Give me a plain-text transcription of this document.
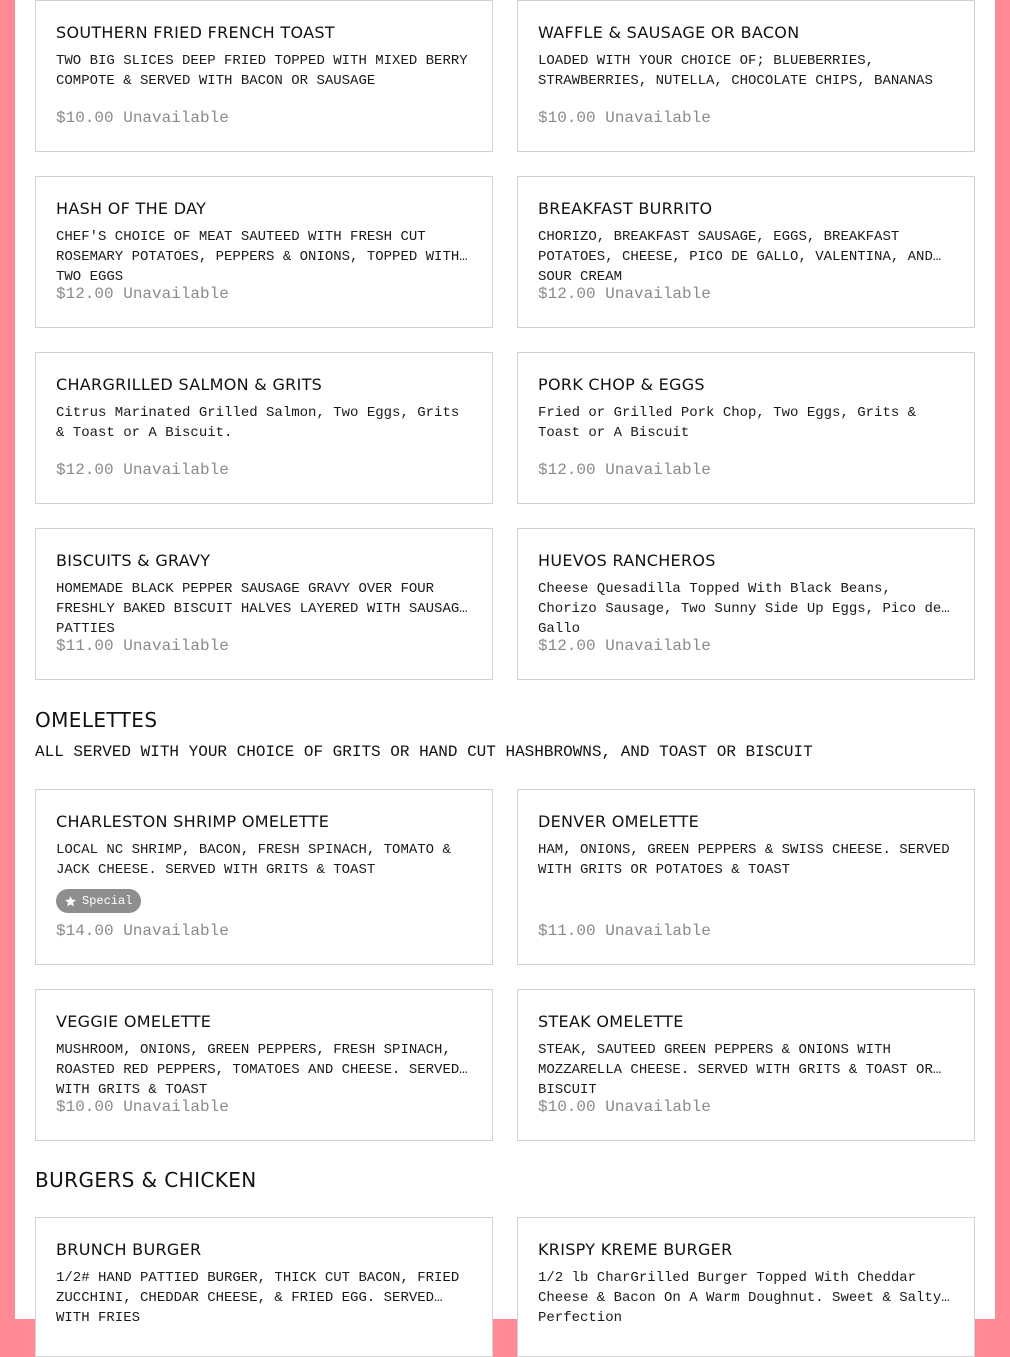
SOUTHERN FRIED FRENCH TOAST
TWO BIG SLICES DEEP FRIED TOPPED WITH MIXED BERRY COMPOTE & SERVED WITH BACON OR SAUSAGE
$10.00 Unavailable
WAFFLE & SAUSAGE OR BACON
LOADED WITH YOUR CHOICE OF; BLUEBERRIES, STRAWBERRIES, NUTELLA, CHOCOLATE CHIPS, BANANAS
$10.00 Unavailable
HASH OF THE DAY
CHEF'S CHOICE OF MEAT SAUTEED WITH FRESH CUT ROSEMARY POTATOES, PEPPERS & ONIONS, TOPPED WITH TWO EGGS
$12.00 Unavailable
BREAKFAST BURRITO
CHORIZO, BREAKFAST SAUSAGE, EGGS, BREAKFAST POTATOES, CHEESE, PICO DE GALLO, VALENTINA, AND SOUR CREAM
$12.00 Unavailable
CHARGRILLED SALMON & GRITS
Citrus Marinated Grilled Salmon, Two Eggs, Grits & Toast or A Biscuit.
$12.00 Unavailable
PORK CHOP & EGGS
Fried or Grilled Pork Chop, Two Eggs, Grits & Toast or A Biscuit
$12.00 Unavailable
BISCUITS & GRAVY
HOMEMADE BLACK PEPPER SAUSAGE GRAVY OVER FOUR FRESHLY BAKED BISCUIT HALVES LAYERED WITH SAUSAGE PATTIES
$11.00 Unavailable
HUEVOS RANCHEROS
Cheese Quesadilla Topped With Black Beans, Chorizo Sausage, Two Sunny Side Up Eggs, Pico de Gallo
$12.00 Unavailable
OMELETTES
ALL SERVED WITH YOUR CHOICE OF GRITS OR HAND CUT HASHBROWNS, AND TOAST OR BISCUIT
CHARLESTON SHRIMP OMELETTE
LOCAL NC SHRIMP, BACON, FRESH SPINACH, TOMATO & JACK CHEESE. SERVED WITH GRITS & TOAST
Special
$14.00 Unavailable
DENVER OMELETTE
HAM, ONIONS, GREEN PEPPERS & SWISS CHEESE. SERVED WITH GRITS OR POTATOES & TOAST
$11.00 Unavailable
VEGGIE OMELETTE
MUSHROOM, ONIONS, GREEN PEPPERS, FRESH SPINACH, ROASTED RED PEPPERS, TOMATOES AND CHEESE. SERVED WITH GRITS & TOAST
$10.00 Unavailable
STEAK OMELETTE
STEAK, SAUTEED GREEN PEPPERS & ONIONS WITH MOZZARELLA CHEESE. SERVED WITH GRITS & TOAST OR BISCUIT
$10.00 Unavailable
BURGERS & CHICKEN
BRUNCH BURGER
1/2# HAND PATTIED BURGER, THICK CUT BACON, FRIED ZUCCHINI, CHEDDAR CHEESE, & FRIED EGG. SERVED WITH FRIES
KRISPY KREME BURGER
1/2 lb CharGrilled Burger Topped With Cheddar Cheese & Bacon On A Warm Doughnut. Sweet & Salty Perfection
